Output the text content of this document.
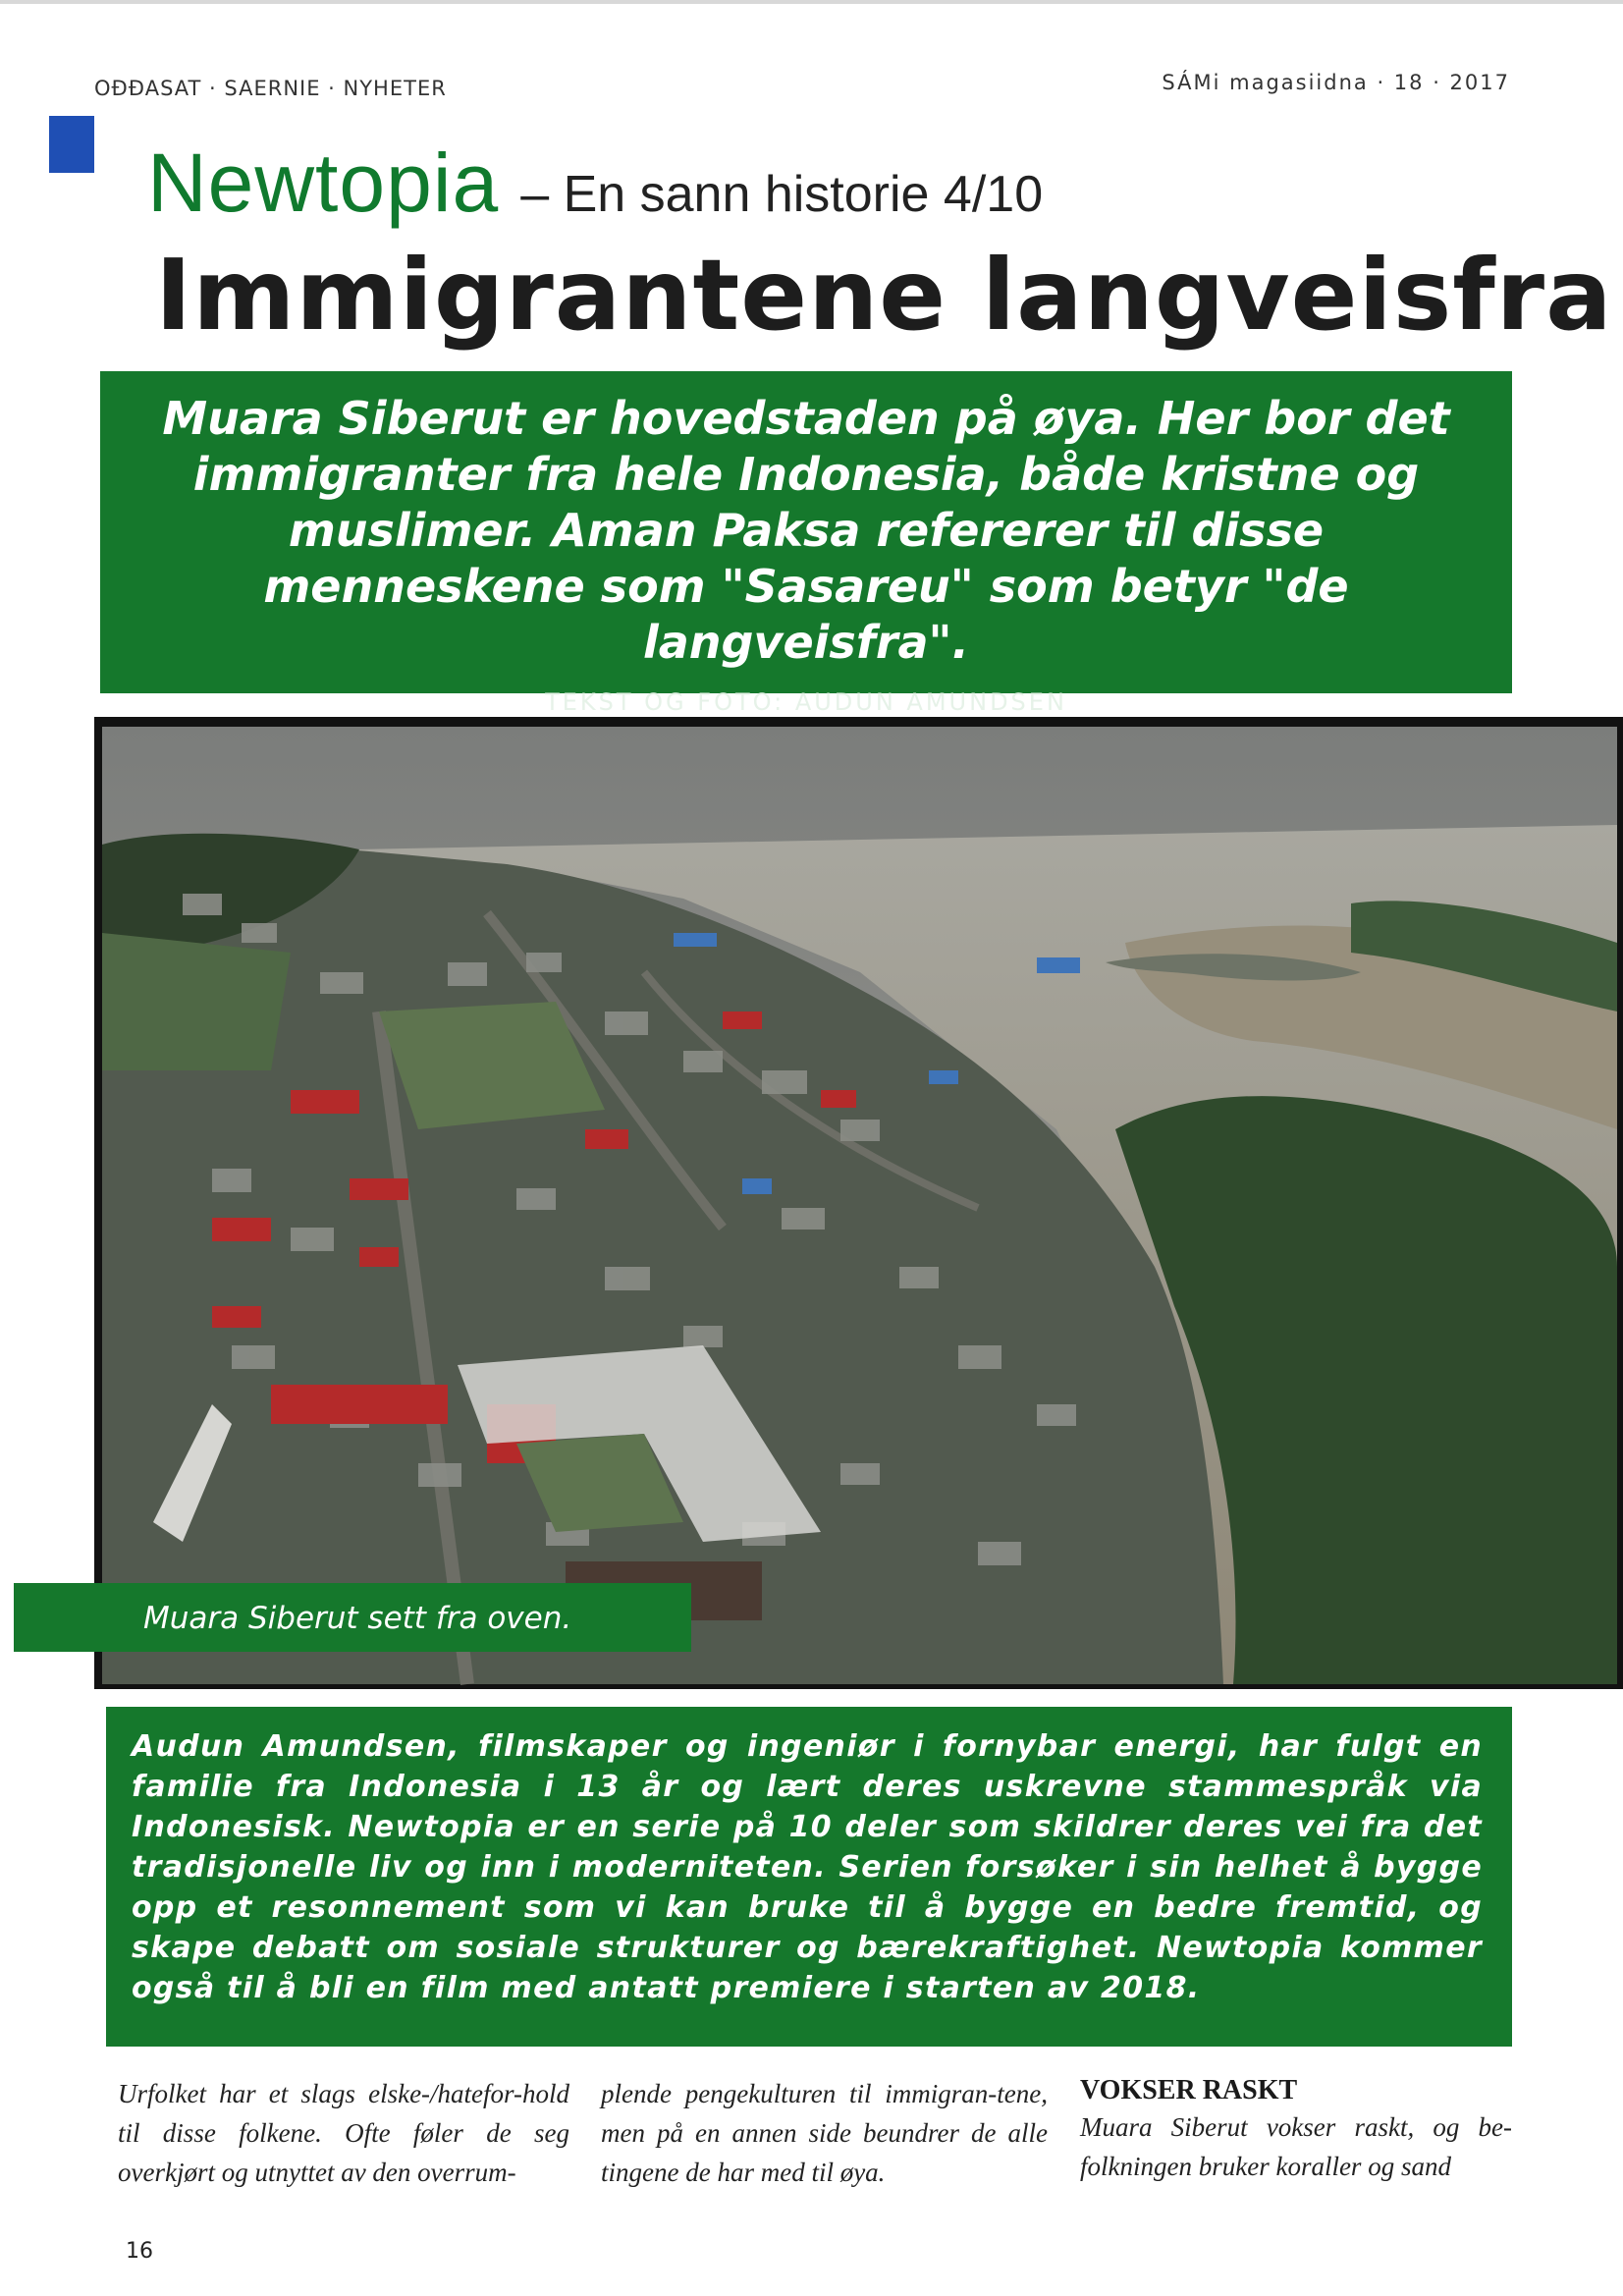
OĐĐASAT · SAERNIE · NYHETER	SÁMi magasiidna · 18 · 2017
Newtopia – En sann historie 4/10
Immigrantene langveisfra
Muara Siberut er hovedstaden på øya. Her bor det immigranter fra hele Indonesia, både kristne og muslimer. Aman Paksa refererer til disse menneskene som "Sasareu" som betyr "de langveisfra".
TEKST OG FOTO: AUDUN AMUNDSEN
Muara Siberut sett fra oven.
Audun Amundsen, filmskaper og ingeniør i fornybar energi, har fulgt en familie fra Indonesia i 13 år og lært deres uskrevne stammespråk via Indonesisk. Newtopia er en serie på 10 deler som skildrer deres vei fra det tradisjonelle liv og inn i moderniteten. Serien forsøker i sin helhet å bygge opp et resonnement som vi kan bruke til å bygge en bedre fremtid, og skape debatt om sosiale strukturer og bærekraftighet. Newtopia kommer også til å bli en film med antatt premiere i starten av 2018.
Urfolket har et slags elske-/hatefor-hold til disse folkene. Ofte føler de seg overkjørt og utnyttet av den overrum-
plende pengekulturen til immigran-tene, men på en annen side beundrer de alle tingene de har med til øya.
VOKSER RASKT
Muara Siberut vokser raskt, og be-folkningen bruker koraller og sand
16
